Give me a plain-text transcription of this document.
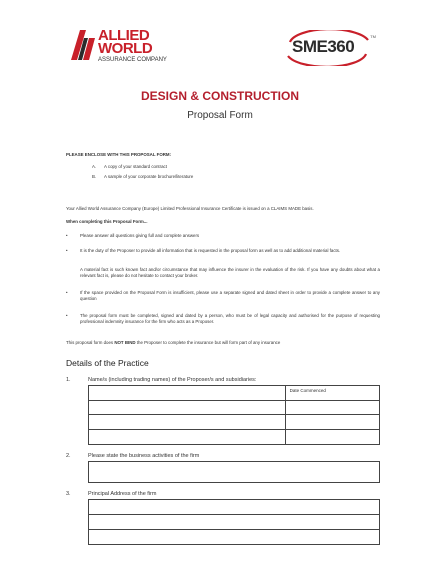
ALLIED
WORLD
ASSURANCE COMPANY
SME360
TM
DESIGN & CONSTRUCTION
Proposal Form
PLEASE ENCLOSE WITH THIS PROPOSAL FORM:
A. A copy of your standard contract
B. A sample of your corporate brochure/literature
Your Allied World Assurance Company (Europe) Limited Professional Insurance Certificate is issued on a CLAIMS MADE basis.
When completing this Proposal Form...
•	Please answer all questions giving full and complete answers
•	It is the duty of the Proposer to provide all information that is requested in the proposal form as well as to add additional material facts.
A material fact is such known fact and/or circumstance that may influence the insurer in the evaluation of the risk. If you have any doubts about what a relevant fact is, please do not hesitate to contact your broker.
•	If the space provided on the Proposal Form is insufficient, please use a separate signed and dated sheet in order to provide a complete answer to any question
•	The proposal form must be completed, signed and dated by a person, who must be of legal capacity and authorised for the purpose of requesting professional indemnity insurance for the firm who acts as a Proposer.
This proposal form does NOT BIND the Proposer to complete the insurance but will form part of any insurance
Details of the Practice
1.	Name/s (including trading names) of the Proposer/s and subsidiaries:
	Date Commenced

2.	Please state the business activities of the firm
3.	Principal Address of the firm
